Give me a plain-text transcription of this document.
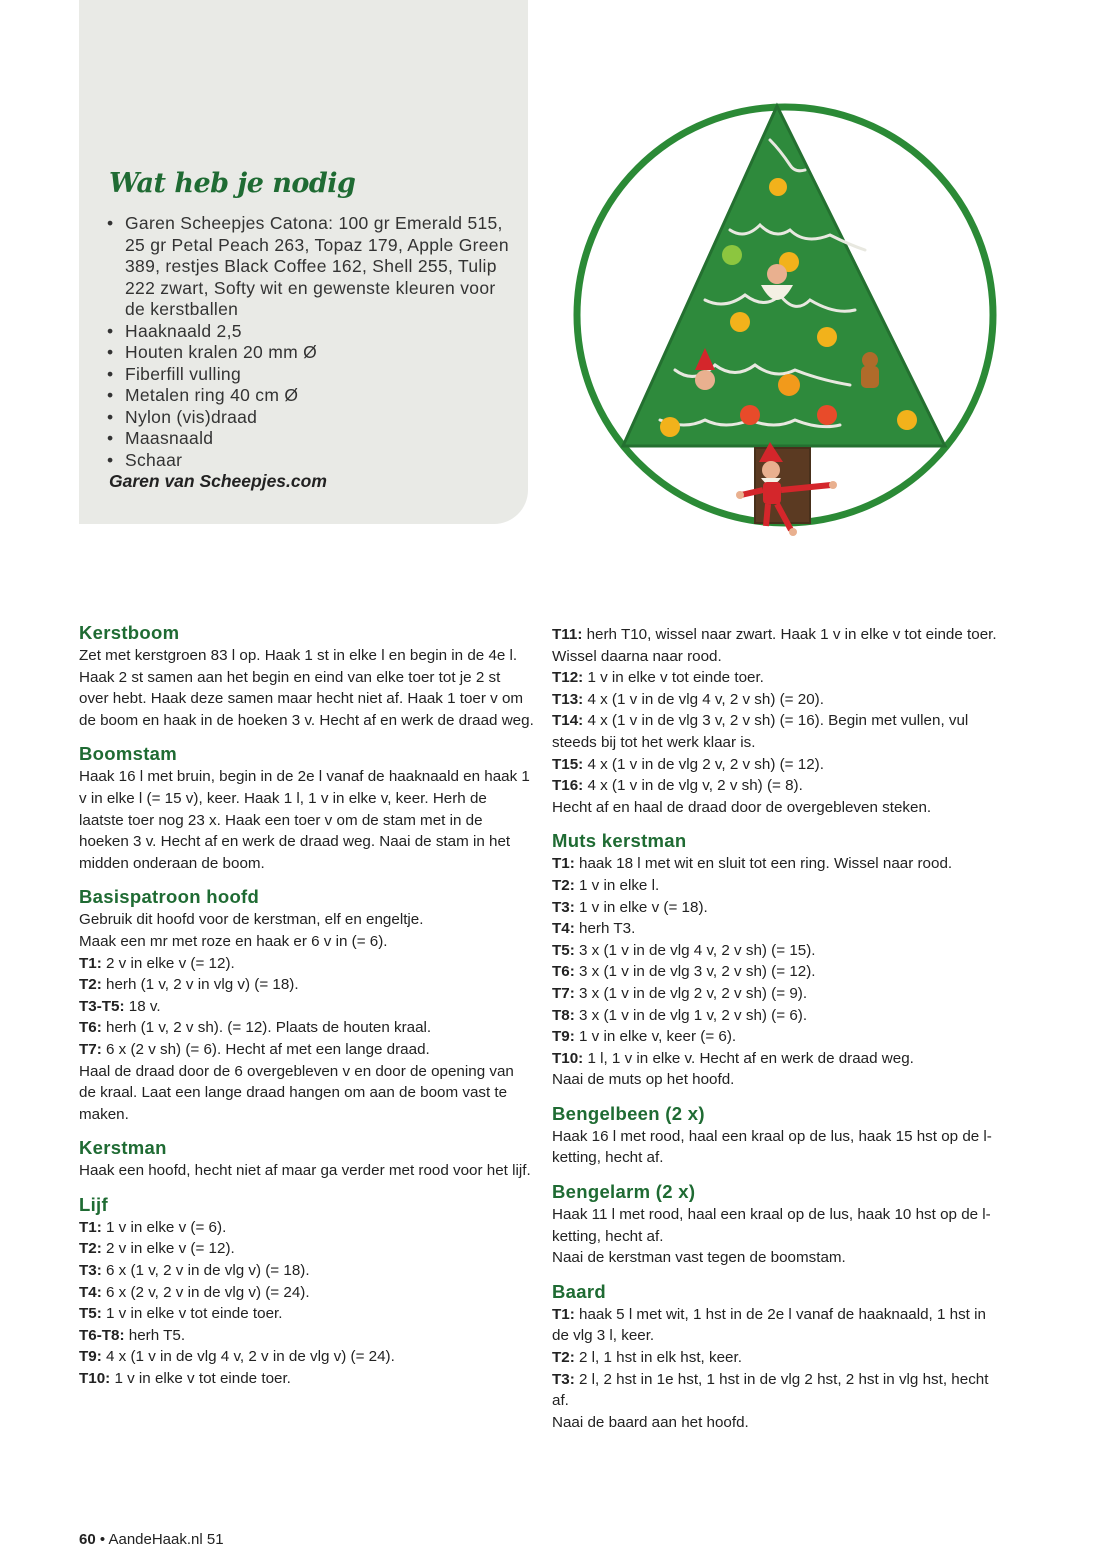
Wat heb je nodig
• Garen Scheepjes Catona: 100 gr Emerald 515, 25 gr Petal Peach 263, Topaz 179, Apple Green 389, restjes Black Coffee 162, Shell 255, Tulip 222 zwart, Softy wit en gewenste kleuren voor de kerstballen
• Haaknaald 2,5
• Houten kralen 20 mm Ø
• Fiberfill vulling
• Metalen ring 40 cm Ø
• Nylon (vis)draad
• Maasnaald
• Schaar

Garen van Scheepjes.com

Kerstboom

Zet met kerstgroen 83 l op. Haak 1 st in elke l en begin in de 4e l. Haak 2 st samen aan het begin en eind van elke toer tot je 2 st over hebt. Haak deze samen maar hecht niet af. Haak 1 toer v om de boom en haak in de hoeken 3 v. Hecht af en werk de draad weg.

Boomstam

Haak 16 l met bruin, begin in de 2e l vanaf de haaknaald en haak 1 v in elke l (= 15 v), keer. Haak 1 l, 1 v in elke v, keer. Herh de laatste toer nog 23 x. Haak een toer v om de stam met in de hoeken 3 v. Hecht af en werk de draad weg. Naai de stam in het midden onderaan de boom.

Basispatroon hoofd

Gebruik dit hoofd voor de kerstman, elf en engeltje.

Maak een mr met roze en haak er 6 v in (= 6).

T1: 2 v in elke v (= 12).

T2: herh (1 v, 2 v in vlg v) (= 18).

T3-T5: 18 v.

T6: herh (1 v, 2 v sh). (= 12). Plaats de houten kraal.

T7: 6 x (2 v sh) (= 6). Hecht af met een lange draad.

Haal de draad door de 6 overgebleven v en door de opening van de kraal. Laat een lange draad hangen om aan de boom vast te maken.

Kerstman

Haak een hoofd, hecht niet af maar ga verder met rood voor het lijf.

Lijf

T1: 1 v in elke v (= 6).

T2: 2 v in elke v (= 12).

T3: 6 x (1 v, 2 v in de vlg v) (= 18).

T4: 6 x (2 v, 2 v in de vlg v) (= 24).

T5: 1 v in elke v tot einde toer.

T6-T8: herh T5.

T9: 4 x (1 v in de vlg 4 v, 2 v in de vlg v) (= 24).

T10: 1 v in elke v tot einde toer.

T11: herh T10, wissel naar zwart. Haak 1 v in elke v tot einde toer. Wissel daarna naar rood.

T12: 1 v in elke v tot einde toer.

T13: 4 x (1 v in de vlg 4 v, 2 v sh) (= 20).

T14: 4 x (1 v in de vlg 3 v, 2 v sh) (= 16). Begin met vullen, vul steeds bij tot het werk klaar is.

T15: 4 x (1 v in de vlg 2 v, 2 v sh) (= 12).

T16: 4 x (1 v in de vlg v, 2 v sh) (= 8).

Hecht af en haal de draad door de overgebleven steken.

Muts kerstman

T1: haak 18 l met wit en sluit tot een ring. Wissel naar rood.

T2: 1 v in elke l.

T3: 1 v in elke v (= 18).

T4: herh T3.

T5: 3 x (1 v in de vlg 4 v, 2 v sh) (= 15).

T6: 3 x (1 v in de vlg 3 v, 2 v sh) (= 12).

T7: 3 x (1 v in de vlg 2 v, 2 v sh) (= 9).

T8: 3 x (1 v in de vlg 1 v, 2 v sh) (= 6).

T9: 1 v in elke v, keer (= 6).

T10: 1 l, 1 v in elke v. Hecht af en werk de draad weg.

Naai de muts op het hoofd.

Bengelbeen (2 x)

Haak 16 l met rood, haal een kraal op de lus, haak 15 hst op de l-ketting, hecht af.

Bengelarm (2 x)

Haak 11 l met rood, haal een kraal op de lus, haak 10 hst op de l-ketting, hecht af.

Naai de kerstman vast tegen de boomstam.

Baard

T1: haak 5 l met wit, 1 hst in de 2e l vanaf de haaknaald, 1 hst in de vlg 3 l, keer.

T2: 2 l, 1 hst in elk hst, keer.

T3: 2 l, 2 hst in 1e hst, 1 hst in de vlg 2 hst, 2 hst in vlg hst, hecht af.

Naai de baard aan het hoofd.

60 • AandeHaak.nl 51
